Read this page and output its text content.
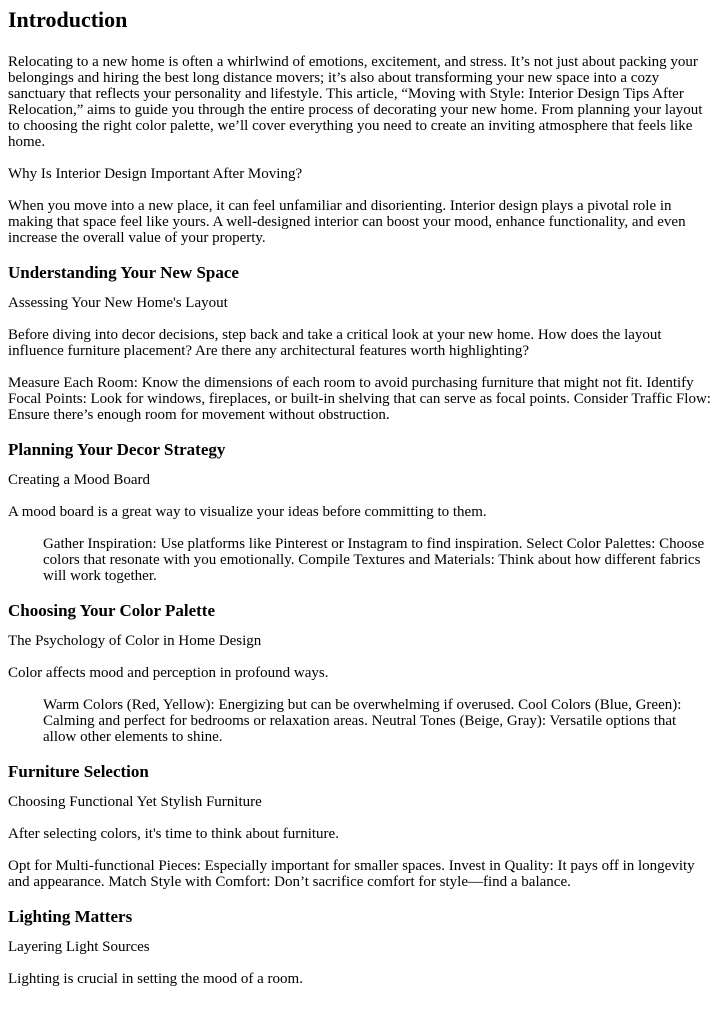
Introduction

Relocating to a new home is often a whirlwind of emotions, excitement, and stress. It’s not just about packing your belongings and hiring the best long distance movers; it’s also about transforming your new space into a cozy sanctuary that reflects your personality and lifestyle. This article, “Moving with Style: Interior Design Tips After Relocation,” aims to guide you through the entire process of decorating your new home. From planning your layout to choosing the right color palette, we’ll cover everything you need to create an inviting atmosphere that feels like home.

Why Is Interior Design Important After Moving?

When you move into a new place, it can feel unfamiliar and disorienting. Interior design plays a pivotal role in making that space feel like yours. A well-designed interior can boost your mood, enhance functionality, and even increase the overall value of your property.

Understanding Your New Space

Assessing Your New Home's Layout

Before diving into decor decisions, step back and take a critical look at your new home. How does the layout influence furniture placement? Are there any architectural features worth highlighting?

Measure Each Room: Know the dimensions of each room to avoid purchasing furniture that might not fit. Identify Focal Points: Look for windows, fireplaces, or built-in shelving that can serve as focal points. Consider Traffic Flow: Ensure there’s enough room for movement without obstruction.

Planning Your Decor Strategy

Creating a Mood Board

A mood board is a great way to visualize your ideas before committing to them.

Gather Inspiration: Use platforms like Pinterest or Instagram to find inspiration. Select Color Palettes: Choose colors that resonate with you emotionally. Compile Textures and Materials: Think about how different fabrics will work together.
Choosing Your Color Palette

The Psychology of Color in Home Design

Color affects mood and perception in profound ways.

Warm Colors (Red, Yellow): Energizing but can be overwhelming if overused. Cool Colors (Blue, Green): Calming and perfect for bedrooms or relaxation areas. Neutral Tones (Beige, Gray): Versatile options that allow other elements to shine.
Furniture Selection

Choosing Functional Yet Stylish Furniture

After selecting colors, it's time to think about furniture.

Opt for Multi-functional Pieces: Especially important for smaller spaces. Invest in Quality: It pays off in longevity and appearance. Match Style with Comfort: Don’t sacrifice comfort for style—find a balance.

Lighting Matters

Layering Light Sources

Lighting is crucial in setting the mood of a room.
